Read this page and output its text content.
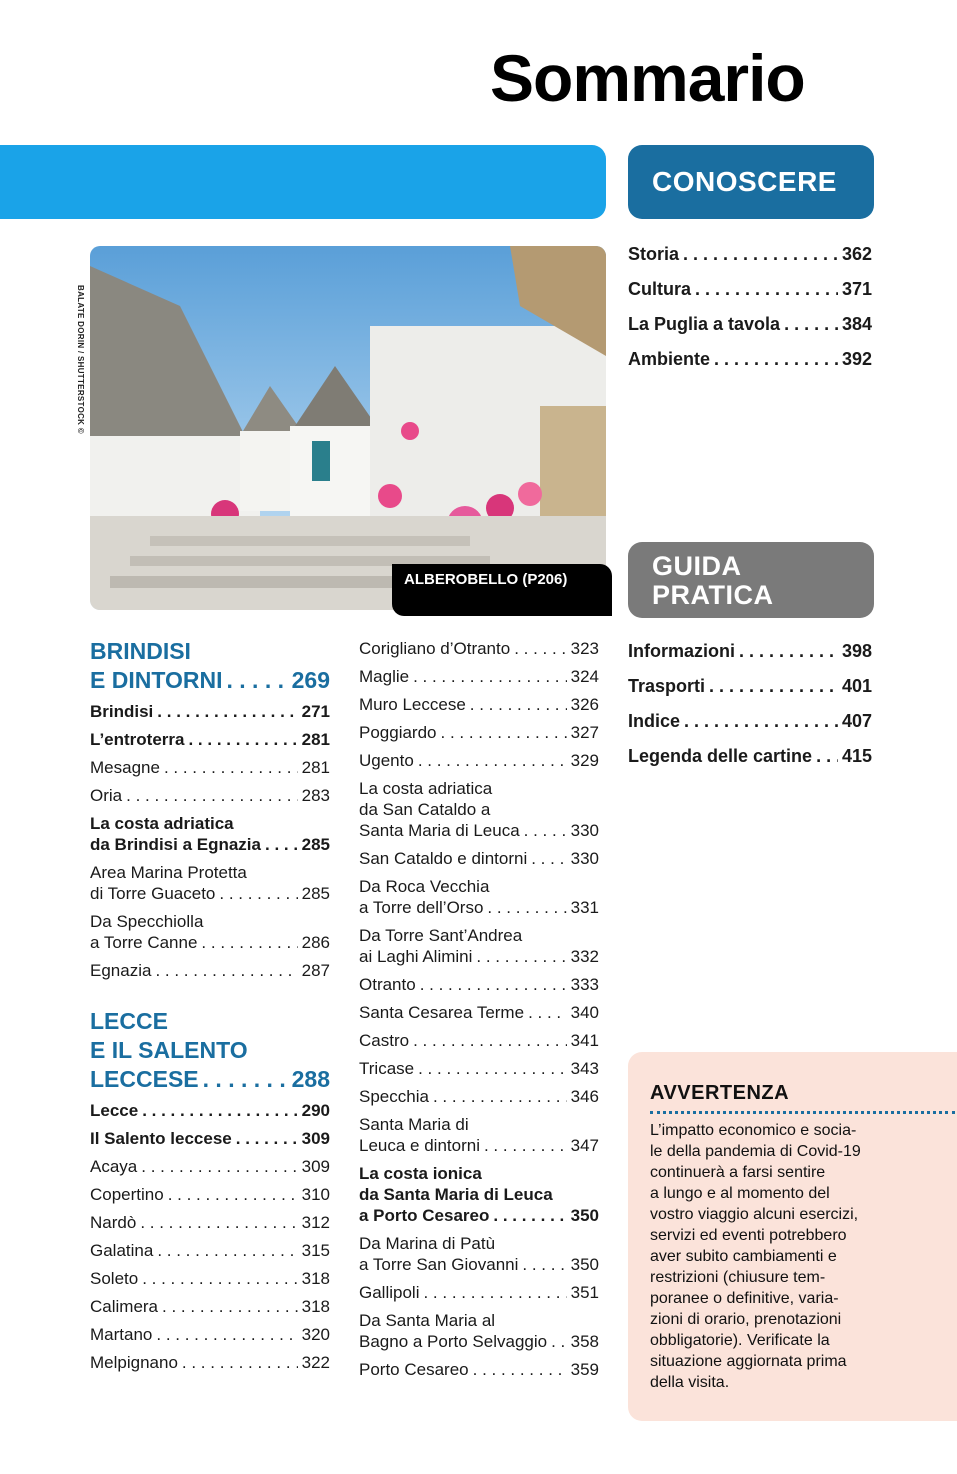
Sommario
CONOSCERE
BALATE DORIN / SHUTTERSTOCK ©
ALBEROBELLO (P206)
Storia . . .	362
Cultura . . .	371
La Puglia a tavola . . .	384
Ambiente . . .	392
GUIDA
PRATICA
Informazioni . . .	398
Trasporti . . .	401
Indice . . .	407
Legenda delle cartine . . . 415
BRINDISI
E DINTORNI . . .	269
Brindisi . . .	271
L’entroterra . . .	281
Mesagne . . .	281
Oria . . .	283
La costa adriatica
da Brindisi a Egnazia . . . 285
Area Marina Protetta
di Torre Guaceto . . .	285
Da Specchiolla
a Torre Canne . . .	286
Egnazia . . .	287
LECCE
E IL SALENTO
LECCESE . . .	288
Lecce . . .	290
Il Salento leccese . . .	309
Acaya . . .	309
Copertino . . .	310
Nardò . . .	312
Galatina . . .	315
Soleto . . .	318
Calimera . . .	318
Martano . . .	320
Melpignano . . .	322
Corigliano d’Otranto . . .	323
Maglie . . .	324
Muro Leccese . . .	326
Poggiardo . . .	327
Ugento . . .	329
La costa adriatica
da San Cataldo a
Santa Maria di Leuca . . .	330
San Cataldo e dintorni . . .	330
Da Roca Vecchia
a Torre dell’Orso . . .	331
Da Torre Sant’Andrea
ai Laghi Alimini . . .	332
Otranto . . .	333
Santa Cesarea Terme . . .	340
Castro . . .	341
Tricase . . .	343
Specchia . . .	346
Santa Maria di
Leuca e dintorni . . .	347
La costa ionica
da Santa Maria di Leuca
a Porto Cesareo . . .	350
Da Marina di Patù
a Torre San Giovanni . . .	350
Gallipoli . . .	351
Da Santa Maria al
Bagno a Porto Selvaggio . . . 358
Porto Cesareo . . .	359
AVVERTENZA
L’impatto economico e socia-
le della pandemia di Covid-19
continuerà a farsi sentire
a lungo e al momento del
vostro viaggio alcuni esercizi,
servizi ed eventi potrebbero
aver subito cambiamenti e
restrizioni (chiusure tem-
poranee o definitive, varia-
zioni di orario, prenotazioni
obbligatorie). Verificate la
situazione aggiornata prima
della visita.
